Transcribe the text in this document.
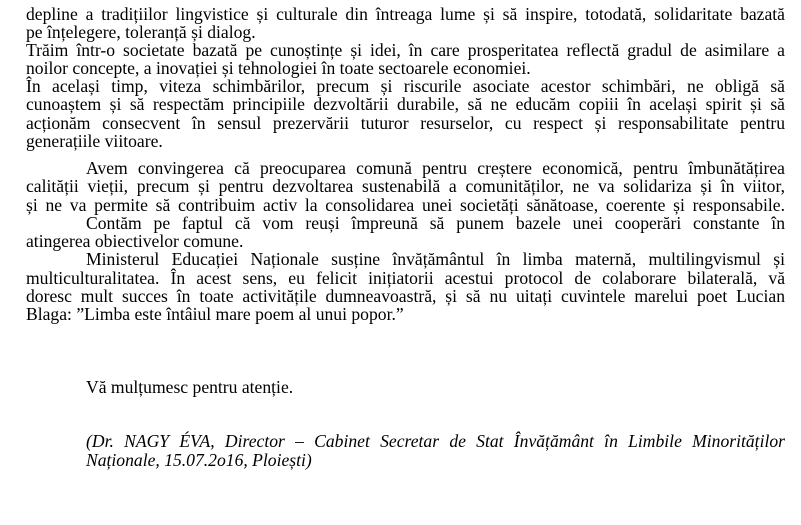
depline a tradițiilor lingvistice și culturale din întreaga lume și să inspire, totodată, solidaritate bazată
pe înțelegere, toleranță și dialog.
Trăim într-o societate bazată pe cunoștințe și idei, în care prosperitatea reflectă gradul de asimilare a
noilor concepte, a inovației și tehnologiei în toate sectoarele economiei.
În același timp, viteza schimbărilor, precum și riscurile asociate acestor schimbări, ne obligă să
cunoaștem și să respectăm principiile dezvoltării durabile, să ne educăm copiii în același spirit și să
acționăm consecvent în sensul prezervării tuturor resurselor, cu respect și responsabilitate pentru
generațiile viitoare.
Avem convingerea că preocuparea comună pentru creștere economică, pentru îmbunătățirea
calității vieții, precum și pentru dezvoltarea sustenabilă a comunităților, ne va solidariza și în viitor,
și ne va permite să contribuim activ la consolidarea unei societăți sănătoase, coerente și responsabile.
Contăm pe faptul că vom reuși împreună să punem bazele unei cooperări constante în
atingerea obiectivelor comune.
Ministerul Educației Naționale susține învățământul în limba maternă, multilingvismul și
multiculturalitatea. În acest sens, eu felicit inițiatorii acestui protocol de colaborare bilaterală, vă
doresc mult succes în toate activitățile dumneavoastră, și să nu uitați cuvintele marelui poet Lucian
Blaga: ”Limba este întâiul mare poem al unui popor.”
Vă mulțumesc pentru atenție.
(Dr. NAGY ÉVA, Director – Cabinet Secretar de Stat Învățământ în Limbile Minorităților
Naționale, 15.07.2o16, Ploiești)
